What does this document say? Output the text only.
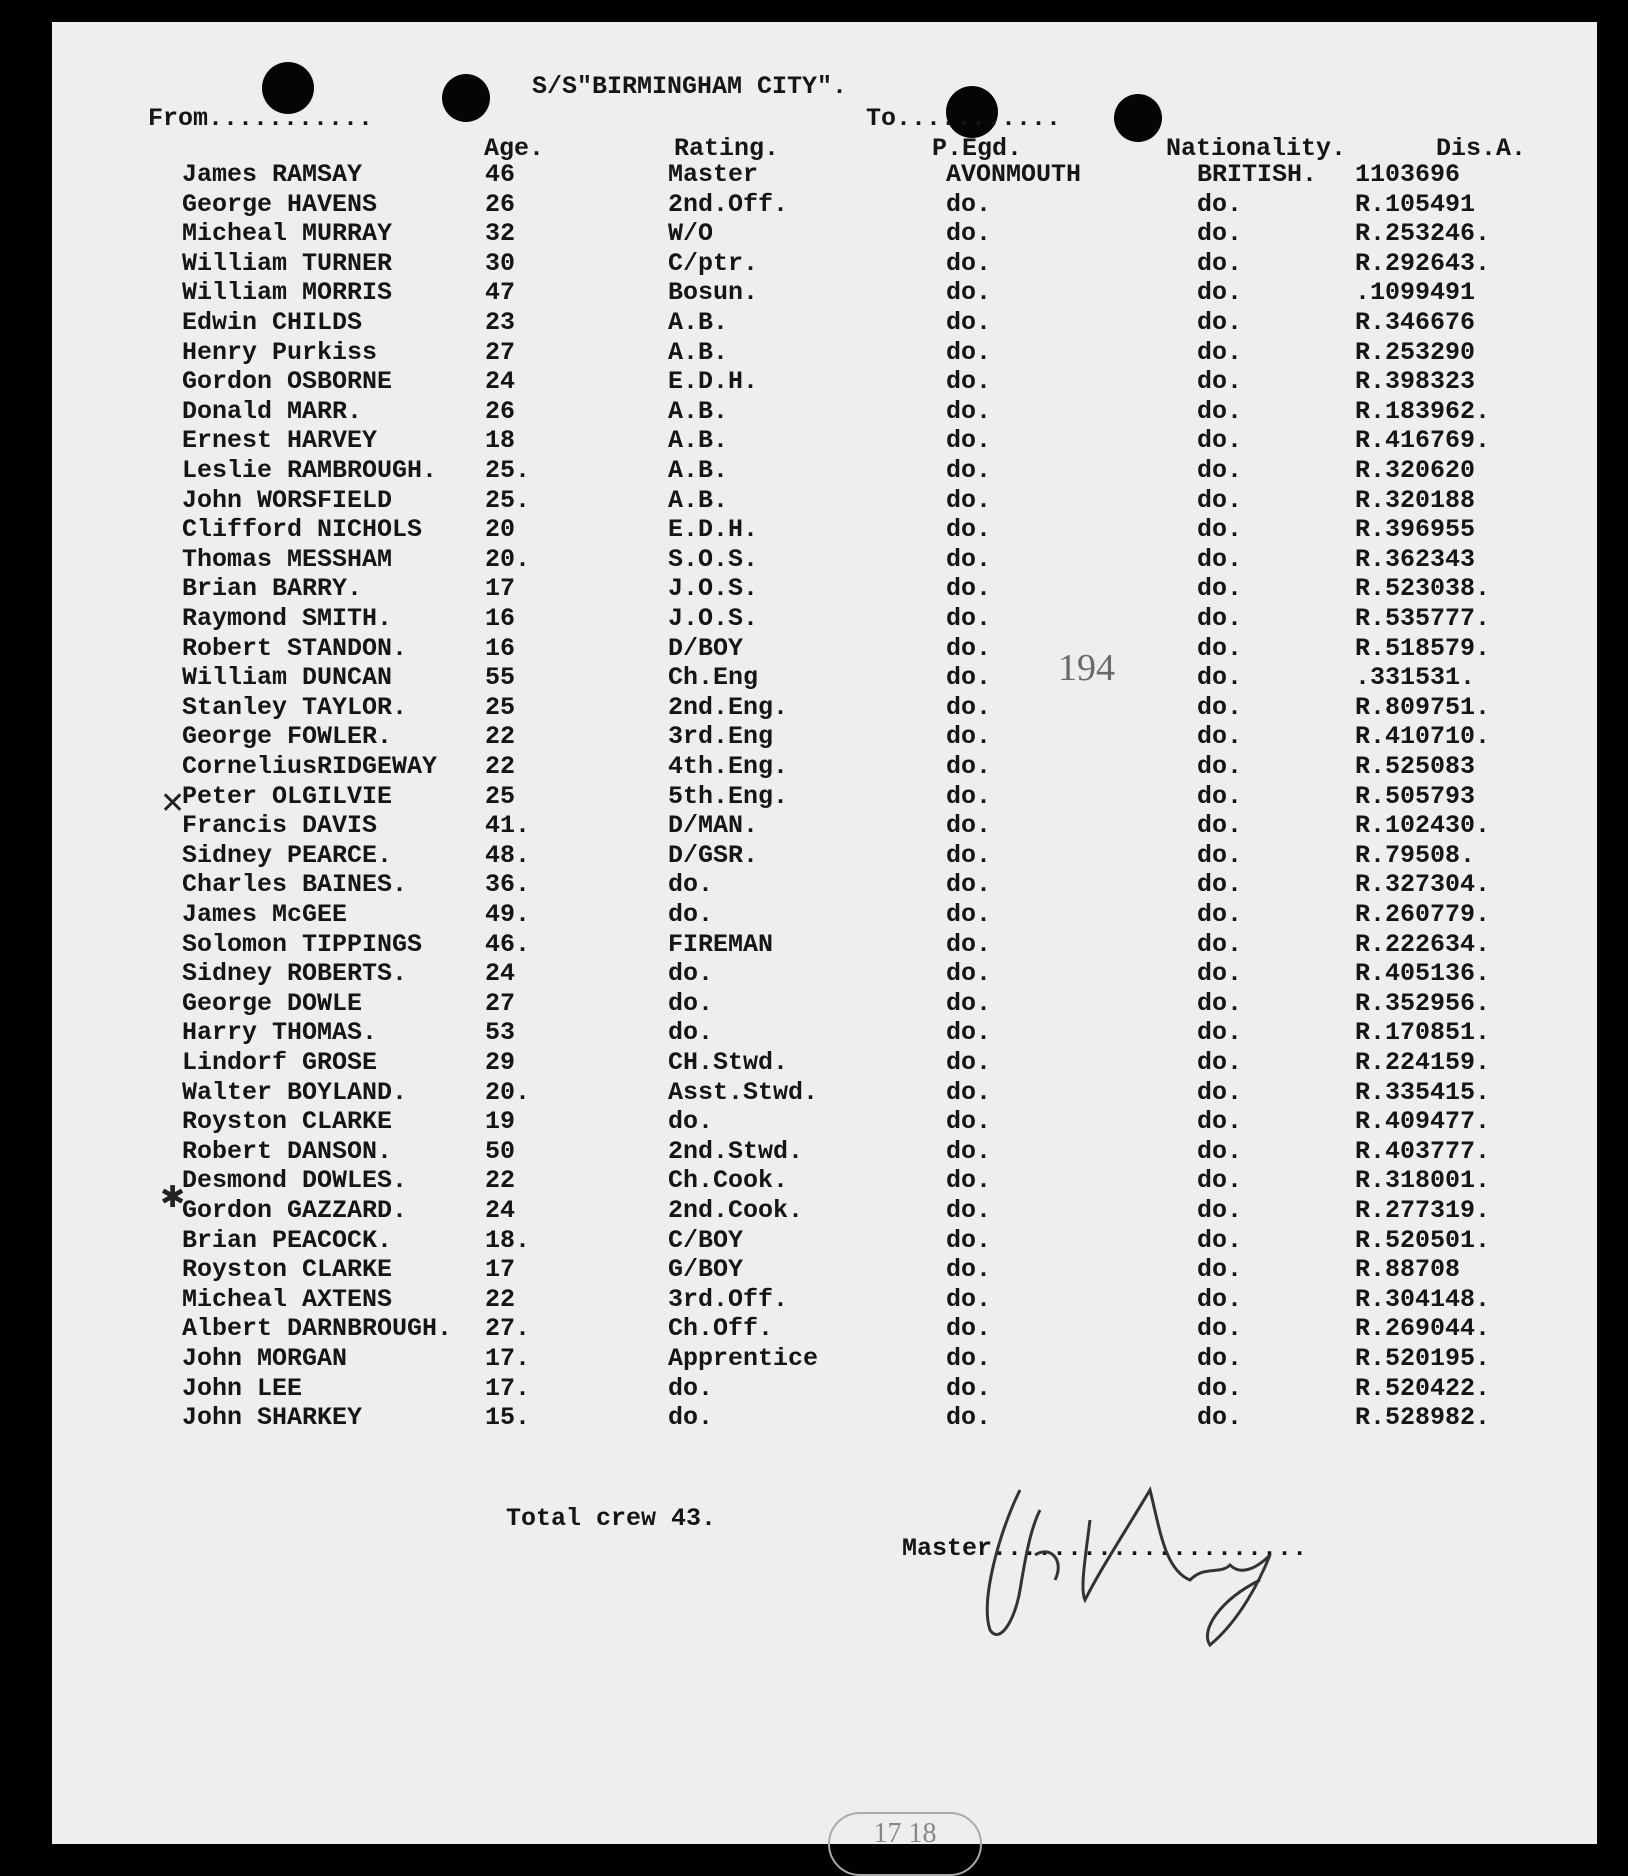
S/S"BIRMINGHAM CITY".
From...........	To...........
Age.	Rating.	P.Egd.	Nationality.	Dis.A.
James RAMSAY	46	Master	AVONMOUTH	BRITISH. 1103696
George HAVENS	26	2nd.Off.	do.	do.	R.105491
Micheal MURRAY	32	W/O	do.	do.	R.253246.
William TURNER	30	C/ptr.	do.	do.	R.292643.
William MORRIS	47	Bosun.	do.	do.	.1099491
Edwin CHILDS	23	A.B.	do.	do.	R.346676
Henry Purkiss	27	A.B.	do.	do.	R.253290
Gordon OSBORNE	24	E.D.H.	do.	do.	R.398323
Donald MARR.	26	A.B.	do.	do.	R.183962.
Ernest HARVEY	18	A.B.	do.	do.	R.416769.
Leslie RAMBROUGH. 25.	A.B.	do.	do.	R.320620
John WORSFIELD	25.	A.B.	do.	do.	R.320188
Clifford NICHOLS	20	E.D.H.	do.	do.	R.396955
Thomas MESSHAM	20.	S.O.S.	do.	do.	R.362343
Brian BARRY.	17	J.O.S.	do.	do.	R.523038.
Raymond SMITH.	16	J.O.S.	do.	do.	R.535777.
Robert STANDON.	16	D/BOY	do.	do.	R.518579.
William DUNCAN	55	Ch.Eng	do.	do.	.331531.
Stanley TAYLOR.	25	2nd.Eng.	do.	do.	R.809751.
George FOWLER.	22	3rd.Eng	do.	do.	R.410710.
CorneliusRIDGEWAY 22	4th.Eng.	do.	do.	R.525083
Peter OLGILVIE	25	5th.Eng.	do.	do.	R.505793
Francis DAVIS	41.	D/MAN.	do.	do.	R.102430.
Sidney PEARCE.	48.	D/GSR.	do.	do.	R.79508.
Charles BAINES.	36.	do.	do.	do.	R.327304.
James McGEE	49.	do.	do.	do.	R.260779.
Solomon TIPPINGS	46.	FIREMAN	do.	do.	R.222634.
Sidney ROBERTS.	24	do.	do.	do.	R.405136.
George DOWLE	27	do.	do.	do.	R.352956.
Harry THOMAS.	53	do.	do.	do.	R.170851.
Lindorf GROSE	29	CH.Stwd.	do.	do.	R.224159.
Walter BOYLAND.	20.	Asst.Stwd.	do.	do.	R.335415.
Royston CLARKE	19	do.	do.	do.	R.409477.
Robert DANSON.	50	2nd.Stwd.	do.	do.	R.403777.
Desmond DOWLES.	22	Ch.Cook.	do.	do.	R.318001.
Gordon GAZZARD.	24	2nd.Cook.	do.	do.	R.277319.
Brian PEACOCK.	18.	C/BOY	do.	do.	R.520501.
Royston CLARKE	17	G/BOY	do.	do.	R.88708
Micheal AXTENS	22	3rd.Off.	do.	do.	R.304148.
Albert DARNBROUGH. 27.	Ch.Off.	do.	do.	R.269044.
John MORGAN	17.	Apprentice	do.	do.	R.520195.
John LEE	17.	do.	do.	do.	R.520422.
John SHARKEY	15.	do.	do.	do.	R.528982.
194
✕
✱
Total crew 43.
Master.....................
17 18
